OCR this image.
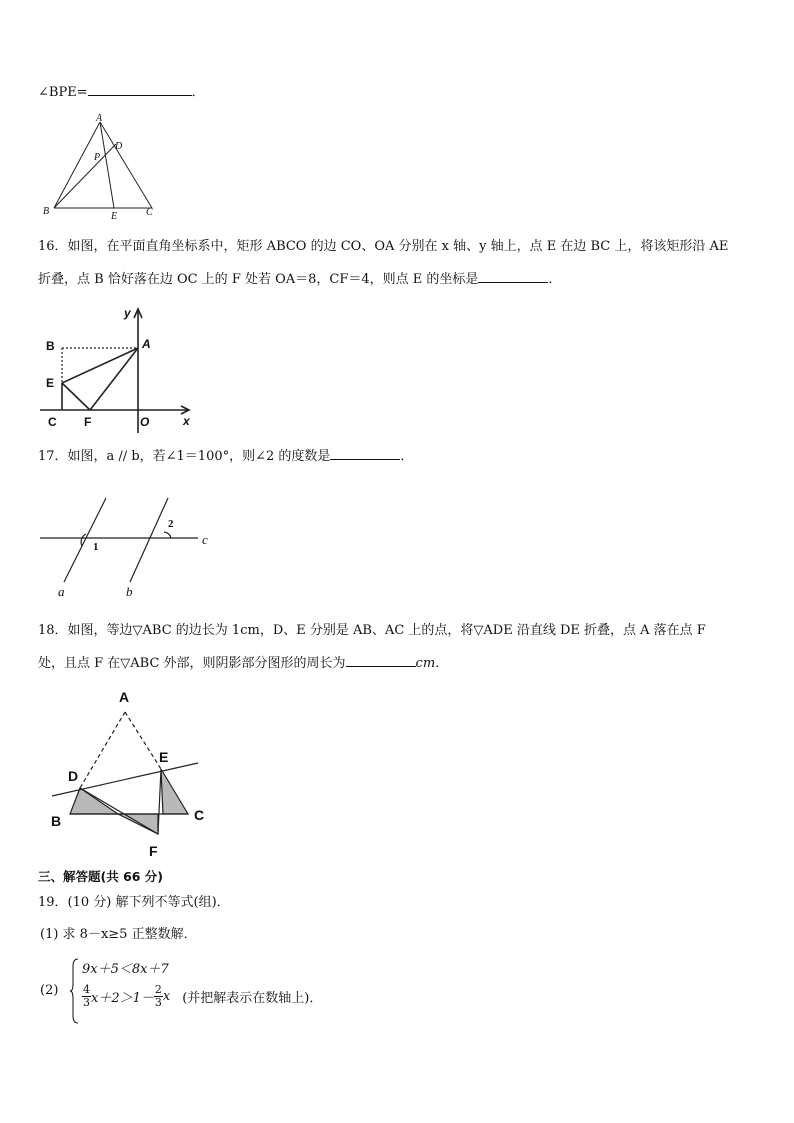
∠BPE=	．
A
D
P
B	E	C
16．如图，在平面直角坐标系中，矩形 ABCO 的边 CO、OA 分别在 x 轴、y 轴上，点 E 在边 BC 上，将该矩形沿 AE
折叠，点 B 恰好落在边 OC 上的 F 处若 OA＝8，CF＝4，则点 E 的坐标是	．
y
x
B	A
E
C F	O
17．如图，a // b，若∠1＝100°，则∠2 的度数是	．
1
2
c
a	b
18．如图，等边▽ABC 的边长为 1cm，D、E 分别是 AB、AC 上的点，将▽ADE 沿直线 DE 折叠，点 A 落在点 F
处，且点 F 在▽ABC 外部，则阴影部分图形的周长为	cm．
A
E
D
B	C
F
三、解答题(共 66 分)
19．(10 分) 解下列不等式(组)．
(1) 求 8－x≥5 正整数解．
(2)
9x＋5＜8x＋7
$\frac{4}{3} x+2>1- \frac{2}{3}$ x (并把解表示在数轴上)．
